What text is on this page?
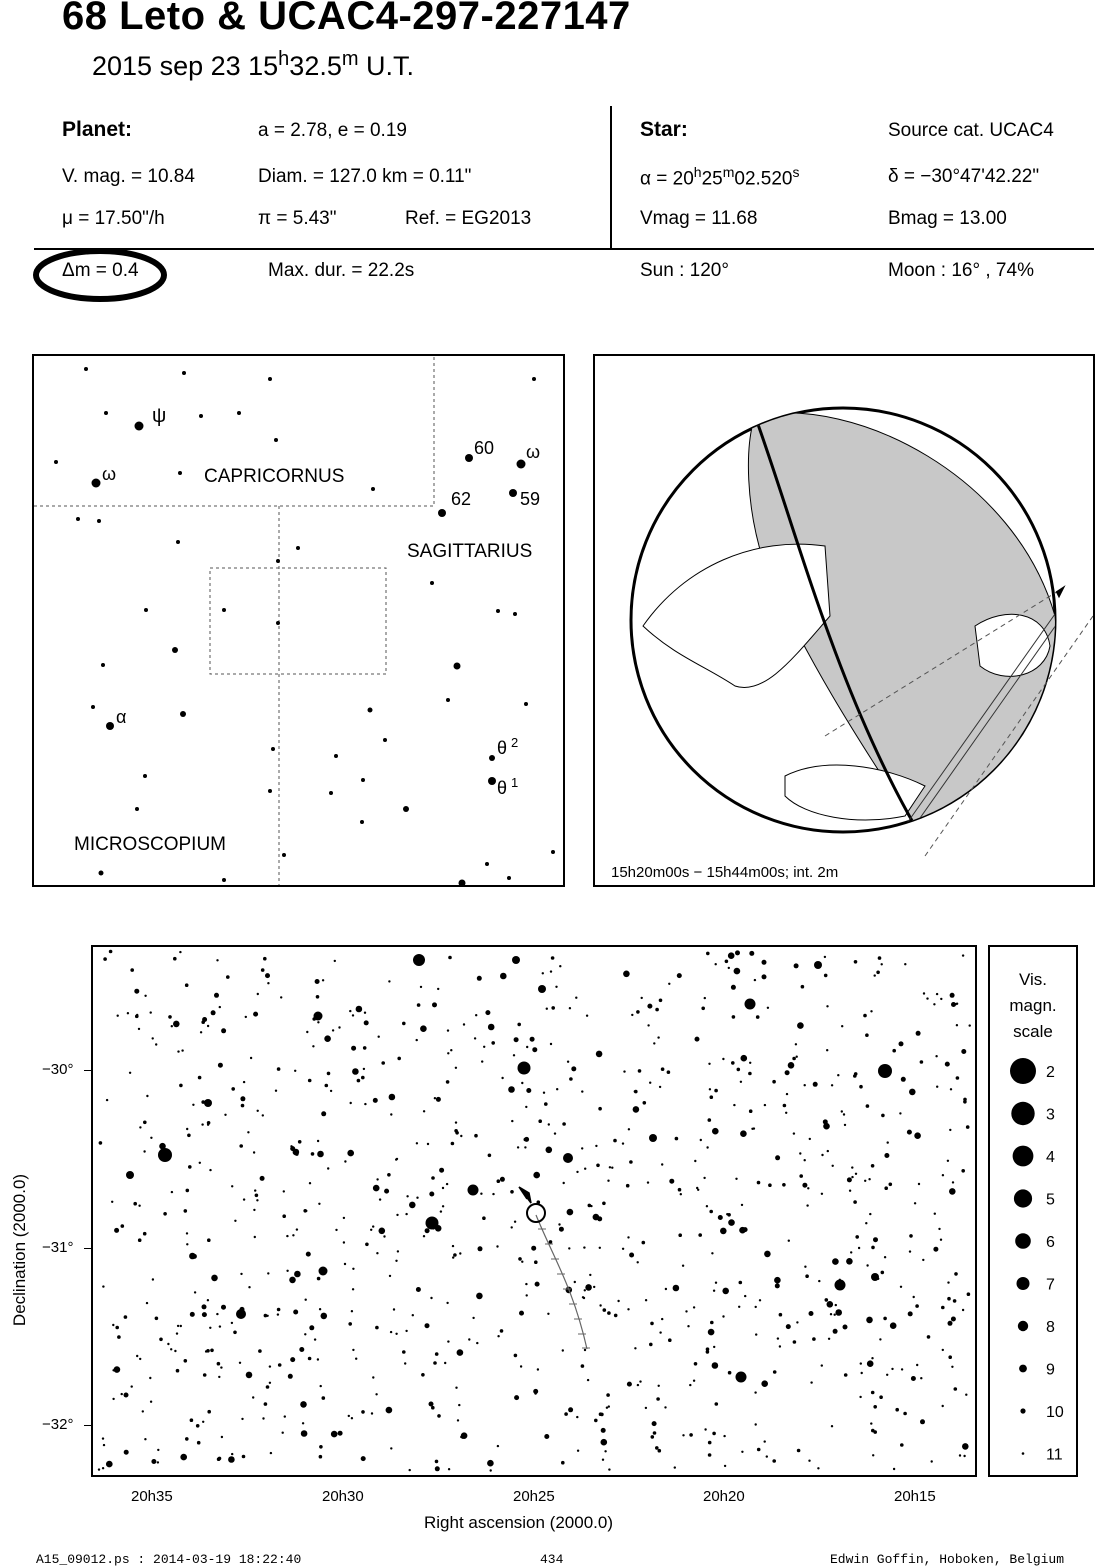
68 Leto & UCAC4-297-227147
2015 sep 23 15$^h$32.5$^m$ U.T.
Planet:	a = 2.78, e = 0.19
V. mag. = 10.84	Diam. = 127.0 km = 0.11"
μ = 17.50"/h	π = 5.43"	Ref. = EG2013
Star:	Source cat. UCAC4
$\alpha = 20^h25^m02.520^s$	δ = −30°47'42.22"
Vmag = 11.68	Bmag = 13.00
Δm = 0.4	Max. dur. = 22.2s	Sun : 120°	Moon : 16° , 74%
ψ
ω
60 ω
62	59
α
θ 2
θ 1
CAPRICORNUS
SAGITTARIUS
MICROSCOPIUM
15h20m00s − 15h44m00s; int. 2m
Declination (2000.0)
−30°
−31°
−32°
20h35	20h30	20h25	20h20	20h15
Right ascension (2000.0)
Vis.
magn.
scale
2
3
4
5
6
7
8
9
10
11
A15_09012.ps : 2014-03-19 18:22:40	434	Edwin Goffin, Hoboken, Belgium
